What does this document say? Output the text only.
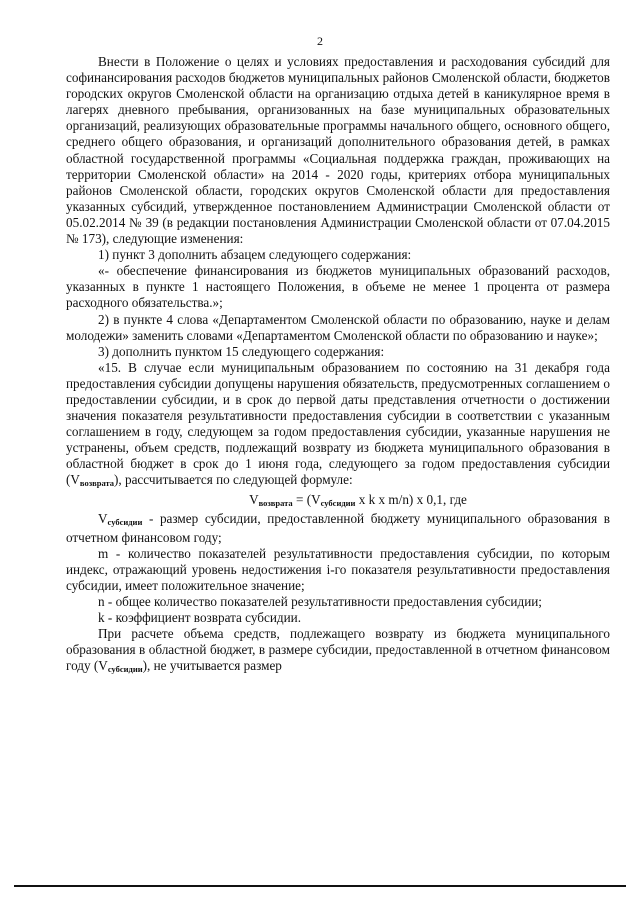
2

Внести в Положение о целях и условиях предоставления и расходования субсидий для софинансирования расходов бюджетов муниципальных районов Смоленской области, бюджетов городских округов Смоленской области на организацию отдыха детей в каникулярное время в лагерях дневного пребывания, организованных на базе муниципальных образовательных организаций, реализующих образовательные программы начального общего, основного общего, среднего общего образования, и организаций дополнительного образования детей, в рамках областной государственной программы «Социальная поддержка граждан, проживающих на территории Смоленской области» на 2014 - 2020 годы, критериях отбора муниципальных районов Смоленской области, городских округов Смоленской области для предоставления указанных субсидий, утвержденное постановлением Администрации Смоленской области от 05.02.2014 № 39 (в редакции постановления Администрации Смоленской области от 07.04.2015 № 173), следующие изменения:

1) пункт 3 дополнить абзацем следующего содержания:

«- обеспечение финансирования из бюджетов муниципальных образований расходов, указанных в пункте 1 настоящего Положения, в объеме не менее 1 процента от размера расходного обязательства.»;

2) в пункте 4 слова «Департаментом Смоленской области по образованию, науке и делам молодежи» заменить словами «Департаментом Смоленской области по образованию и науке»;

3) дополнить пунктом 15 следующего содержания:

«15. В случае если муниципальным образованием по состоянию на 31 декабря года предоставления субсидии допущены нарушения обязательств, предусмотренных соглашением о предоставлении субсидии, и в срок до первой даты представления отчетности о достижении значения показателя результативности предоставления субсидии в соответствии с указанным соглашением в году, следующем за годом предоставления субсидии, указанные нарушения не устранены, объем средств, подлежащий возврату из бюджета муниципального образования в областной бюджет в срок до 1 июня года, следующего за годом предоставления субсидии $(V_{возврата})$, рассчитывается по следующей формуле:

$V_{возврата} = (V_{субсидии}$ x k x m/n) x 0,1, где

$V_{субсидии}$ - размер субсидии, предоставленной бюджету муниципального образования в отчетном финансовом году;

m - количество показателей результативности предоставления субсидии, по которым индекс, отражающий уровень недостижения i-го показателя результативности предоставления субсидии, имеет положительное значение;

n - общее количество показателей результативности предоставления субсидии;

k - коэффициент возврата субсидии.

При расчете объема средств, подлежащего возврату из бюджета муниципального образования в областной бюджет, в размере субсидии, предоставленной в отчетном финансовом году $(V_{субсидии})$, не учитывается размер
